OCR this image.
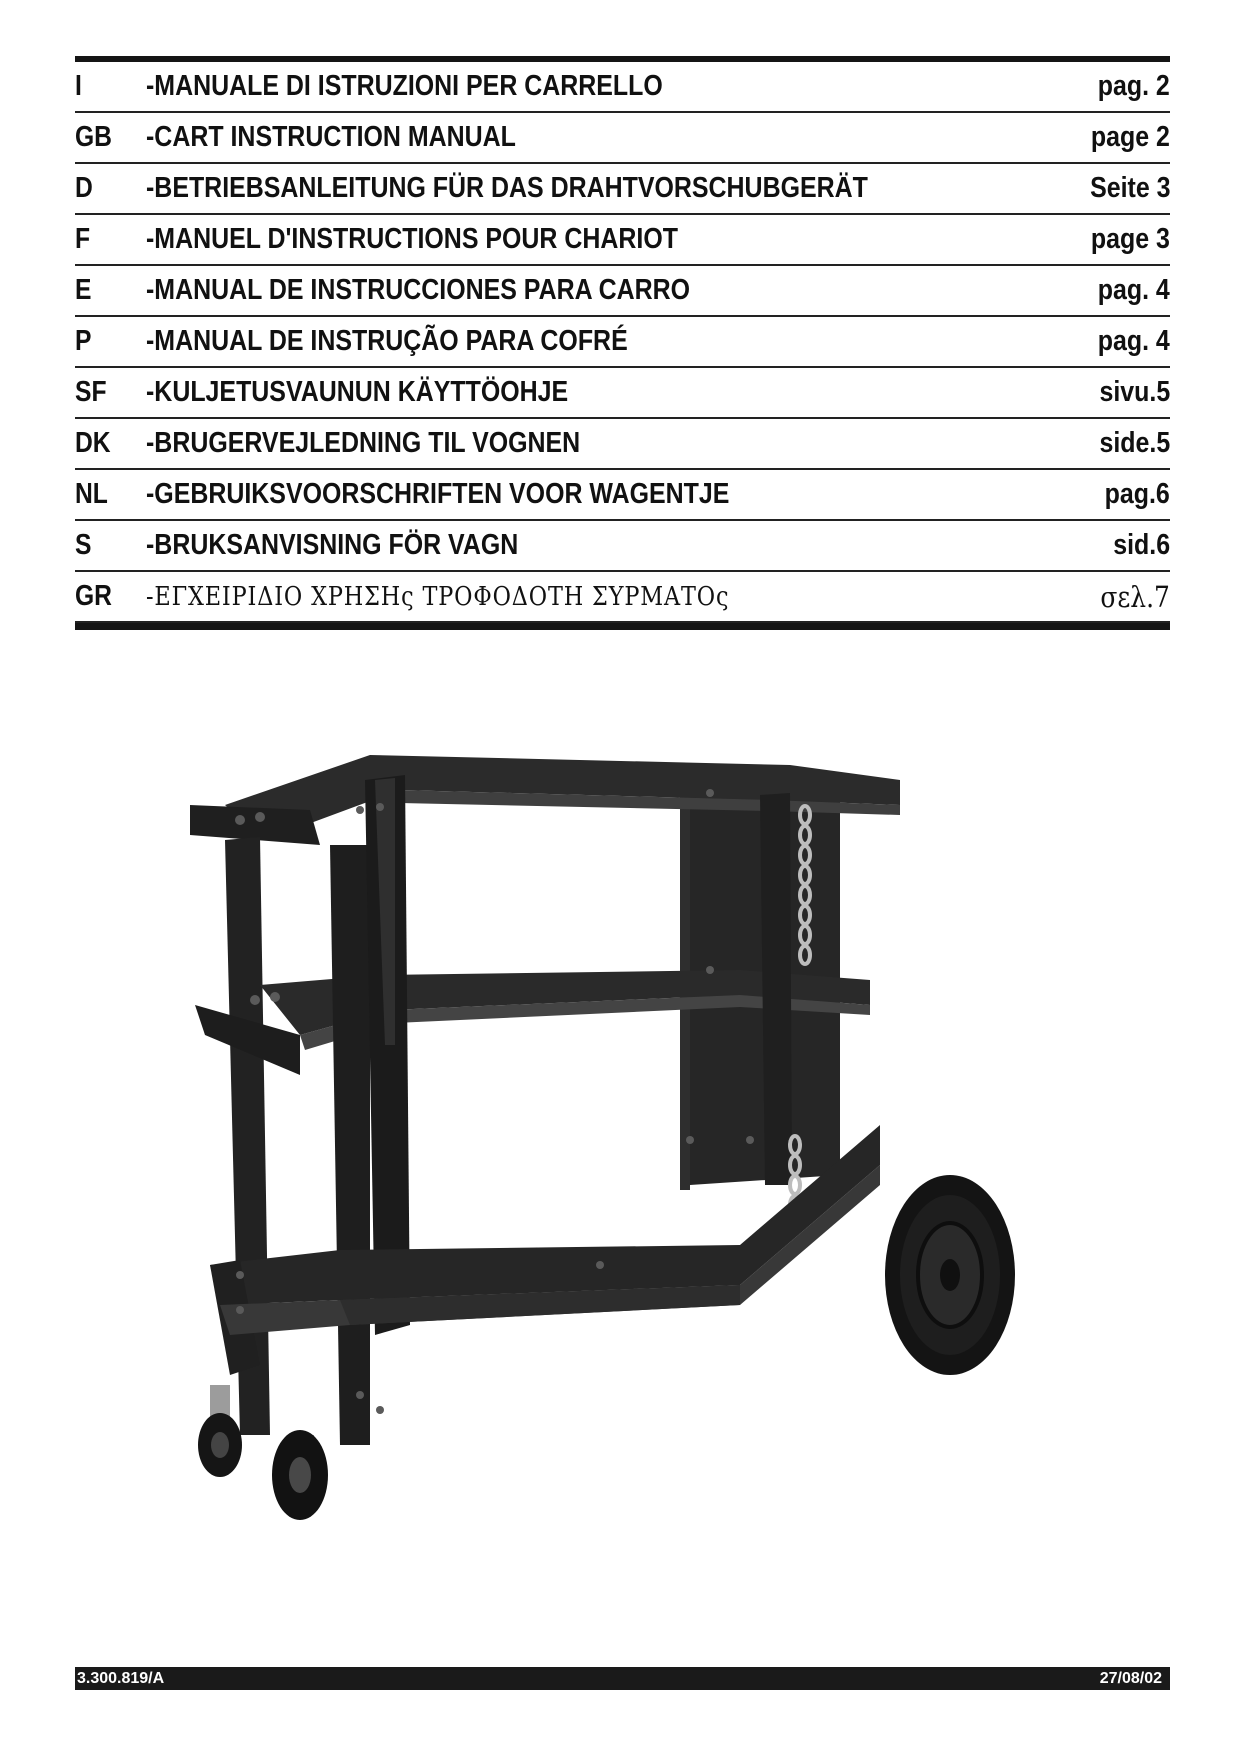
I	-MANUALE DI ISTRUZIONI PER CARRELLO	pag. 2
GB	-CART INSTRUCTION MANUAL	page 2
D	-BETRIEBSANLEITUNG FÜR DAS DRAHTVORSCHUBGERÄT	Seite 3
F	-MANUEL D'INSTRUCTIONS POUR CHARIOT	page 3
E	-MANUAL DE INSTRUCCIONES PARA CARRO	pag. 4
P	-MANUAL DE INSTRUÇÃO PARA COFRÉ	pag. 4
SF	-KULJETUSVAUNUN KÄYTTÖOHJE	sivu.5
DK	-BRUGERVEJLEDNING TIL VOGNEN	side.5
NL	-GEBRUIKSVOORSCHRIFTEN VOOR WAGENTJE	pag.6
S	-BRUKSANVISNING FÖR VAGN	sid.6
GR	-ΕΓΧΕΙΡΙΔΙΟ ΧΡΗΣΗς ΤΡΟΦΟΔΟΤΗ ΣΥΡΜΑΤΟς	σελ.7
3.300.819/A	27/08/02
